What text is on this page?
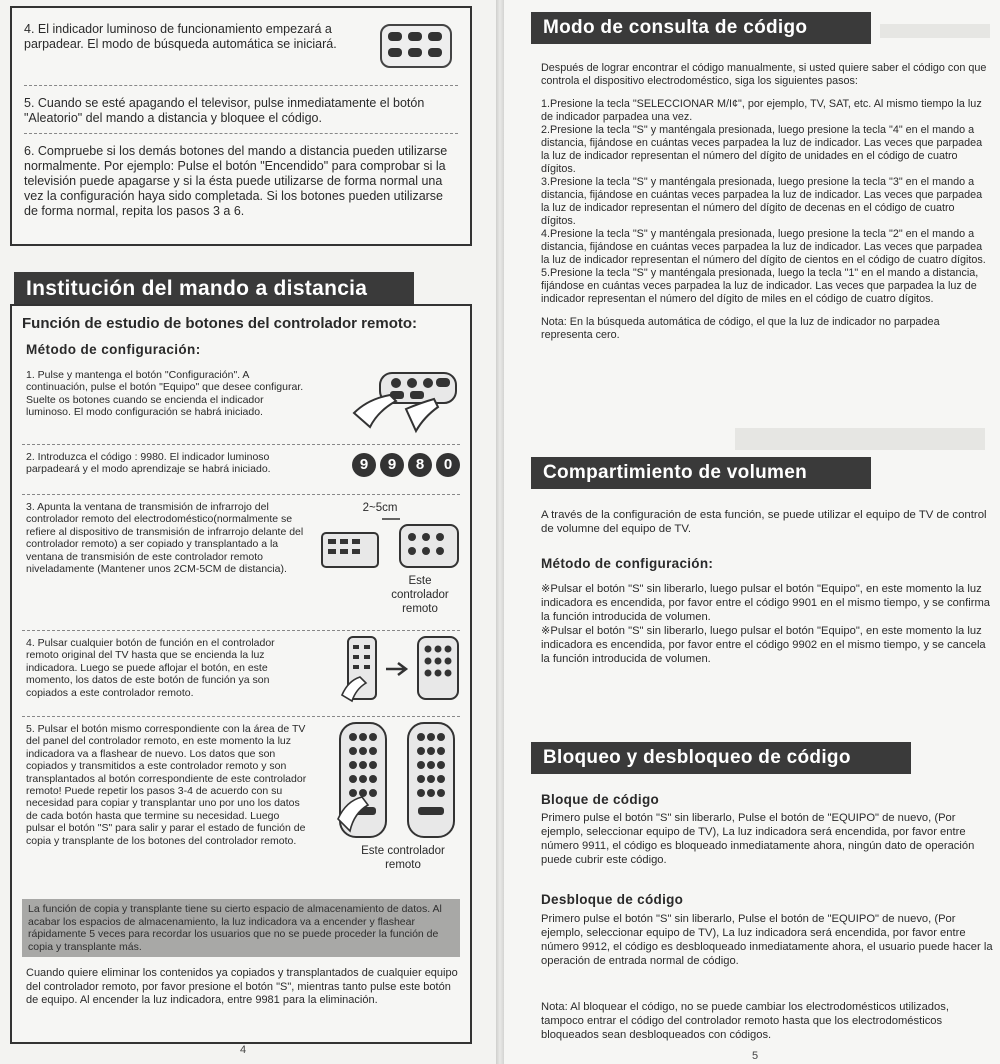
4. El indicador luminoso de funcionamiento empezará a parpadear. El modo de búsqueda automática se iniciará.
5. Cuando se esté apagando el televisor, pulse inmediatamente el botón "Aleatorio" del mando a distancia y bloquee el código.
6. Compruebe si los demás botones del mando a distancia pueden utilizarse normalmente. Por ejemplo: Pulse el botón "Encendido" para comprobar si la televisión puede apagarse y si la ésta puede utilizarse de forma normal una vez la configuración haya sido completada. Si los botones pueden utilizarse de forma normal, repita los pasos 3 a 6.
Institución del mando a distancia
Función de estudio de botones del controlador remoto:
Método de configuración:
1. Pulse y mantenga el botón "Configuración". A continuación, pulse el botón "Equipo" que desee configurar. Suelte os botones cuando se encienda el indicador luminoso. El modo configuración se habrá iniciado.
2. Introduzca el código : 9980. El indicador luminoso parpadeará y el modo aprendizaje se habrá iniciado.	9	9	8	0
3. Apunta la ventana de transmisión de infrarrojo del controlador remoto del electrodoméstico(normalmente se refiere al dispositivo de transmisión de infrarrojo delante del controlador remoto) a ser copiado y transplantado a la ventana de transmisión de este controlador remoto niveladamente (Mantener unos 2CM-5CM de distancia).
2~5cm
Este controlador remoto
4. Pulsar cualquier botón de función en el controlador remoto original del TV hasta que se encienda la luz indicadora. Luego se puede aflojar el botón, en este momento, los datos de este botón de función ya son copiados a este controlador remoto.
5. Pulsar el botón mismo correspondiente con la área de TV del panel del controlador remoto, en este momento la luz indicadora va a flashear de nuevo. Los datos que son copiados y transmitidos a este controlador remoto y son transplantados al botón correspondiente de este controlador remoto! Puede repetir los pasos 3-4 de acuerdo con su necesidad para copiar y transplantar uno por uno los datos de cada botón hasta que termine su necesidad. Luego pulsar el botón "S" para salir y parar el estado de función de copia y transplante de los botones del controlador remoto.
Este controlador remoto
La función de copia y transplante tiene su cierto espacio de almacenamiento de datos. Al acabar los espacios de almacenamiento, la luz indicadora va a encender y flashear rápidamente 5 veces para recordar los usuarios que no se puede proceder la función de copia y transplante más.
Cuando quiere eliminar los contenidos ya copiados y transplantados de cualquier equipo del controlador remoto, por favor presione el botón "S", mientras tanto pulse este botón de equipo. Al encender la luz indicadora, entre 9981 para la eliminación.
4
Modo de consulta de código

Después de lograr encontrar el código manualmente, si usted quiere saber el código con que controla el dispositivo electrodoméstico, siga los siguientes pasos:

1.Presione la tecla "SELECCIONAR M/I¢", por ejemplo, TV, SAT, etc. Al mismo tiempo la luz de indicador parpadea una vez.

2.Presione la tecla "S" y manténgala presionada, luego presione la tecla "4" en el mando a distancia, fijándose en cuántas veces parpadea la luz de indicador. Las veces que parpadea la luz de indicador representan el número del dígito de unidades en el código de cuatro dígitos.

3.Presione la tecla "S" y manténgala presionada, luego presione la tecla "3" en el mando a distancia, fijándose en cuántas veces parpadea la luz de indicador. Las veces que parpadea la luz de indicador representan el número del dígito de decenas en el código de cuatro dígitos.

4.Presione la tecla "S" y manténgala presionada, luego presione la tecla "2" en el mando a distancia, fijándose en cuántas veces parpadea la luz de indicador. Las veces que parpadea la luz de indicador representan el número del dígito de cientos en el código de cuatro dígitos.

5.Presione la tecla "S" y manténgala presionada, luego la tecla "1" en el mando a distancia, fijándose en cuántas veces parpadea la luz de indicador. Las veces que parpadea la luz de indicador representan el número del dígito de miles en el código de cuatro dígitos.

Nota: En la búsqueda automática de código, el que la luz de indicador no parpadea representa cero.

Compartimiento de volumen

A través de la configuración de esta función, se puede utilizar el equipo de TV de control de volumne del equipo de TV.

Método de configuración:

※Pulsar el botón "S" sin liberarlo, luego pulsar el botón "Equipo", en este momento la luz indicadora es encendida, por favor entre el código 9901 en el mismo tiempo, y se confirma la función introducida de volumen.

※Pulsar el botón "S" sin liberarlo, luego pulsar el botón "Equipo", en este momento la luz indicadora es encendida, por favor entre el código 9902 en el mismo tiempo, y se cancela la función introducida de volumen.

Bloqueo y desbloqueo de código
Bloque de código
Primero pulse el botón "S" sin liberarlo, Pulse el botón de "EQUIPO" de nuevo, (Por ejemplo, seleccionar equipo de TV), La luz indicadora será encendida, por favor entre número 9911, el código es bloqueado inmediatamente ahora, ningún dato de operación puede cubrir este código.
Desbloque de código
Primero pulse el botón "S" sin liberarlo, Pulse el botón de "EQUIPO" de nuevo, (Por ejemplo, seleccionar equipo de TV), La luz indicadora será encendida, por favor entre número 9912, el código es desbloqueado inmediatamente ahora, el usuario puede hacer la operación de entrada normal de código.
Nota: Al bloquear el código, no se puede cambiar los electrodomésticos utilizados, tampoco entrar el código del controlador remoto hasta que los electrodomésticos bloqueados sean desbloqueados con códigos.
5
